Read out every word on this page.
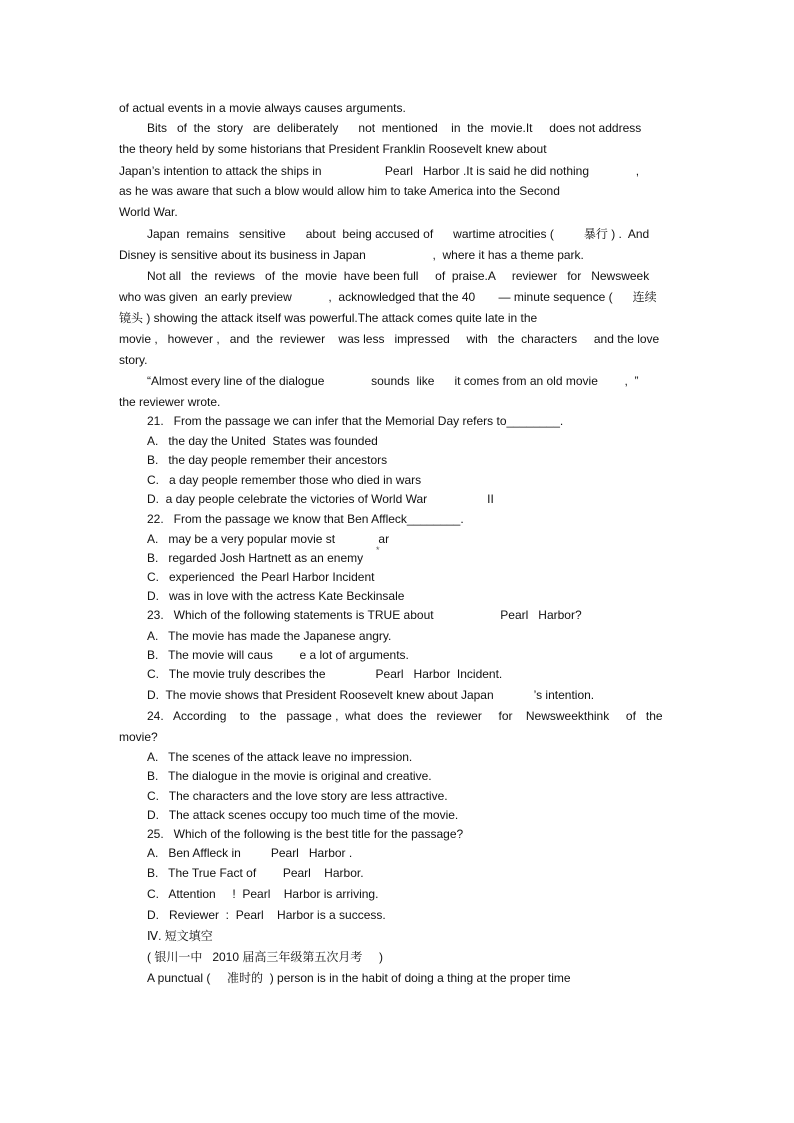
of actual events in a movie always causes arguments.
Bits   of  the  story   are  deliberately      not  mentioned    in  the  movie.It     does not address
the theory held by some historians that President Franklin Roosevelt knew about
Japan’s intention to attack the ships in                   Pearl   Harbor .It is said he did nothing              ,
as he was aware that such a blow would allow him to take America into the Second
World War.
Japan  remains   sensitive      about  being accused of      wartime atrocities (         暴行 ) .  And
Disney is sensitive about its business in Japan                    ,  where it has a theme park.
Not all   the  reviews   of  the  movie  have been full     of  praise.A     reviewer   for   Newsweek
who was given  an early preview           ,  acknowledged that the 40       — minute sequence (      连续
镜头 ) showing the attack itself was powerful.The attack comes quite late in the
movie ,   however ,   and  the  reviewer    was less   impressed     with   the  characters     and the love
story.
“Almost every line of the dialogue              sounds  like      it comes from an old movie        ,  ”
the reviewer wrote.
21.   From the passage we can infer that the Memorial Day refers to________.
A.   the day the United  States was founded
B.   the day people remember their ancestors
C.   a day people remember those who died in wars
D.  a day people celebrate the victories of World War                  II
22.   From the passage we know that Ben Affleck________.
A.   may be a very popular movie st             ar
B.   regarded Josh Hartnett as an enemy
*
C.   experienced  the Pearl Harbor Incident
D.   was in love with the actress Kate Beckinsale
23.   Which of the following statements is TRUE about                    Pearl   Harbor?
A.   The movie has made the Japanese angry.
B.   The movie will caus        e a lot of arguments.
C.   The movie truly describes the               Pearl   Harbor  Incident.
D.  The movie shows that President Roosevelt knew about Japan            ’s intention.
24.   According    to   the   passage ,  what  does  the   reviewer     for    Newsweekthink     of   the
movie?
A.   The scenes of the attack leave no impression.
B.   The dialogue in the movie is original and creative.
C.   The characters and the love story are less attractive.
D.   The attack scenes occupy too much time of the movie.
25.   Which of the following is the best title for the passage?
A.   Ben Affleck in         Pearl   Harbor .
B.   The True Fact of        Pearl    Harbor.
C.   Attention     !  Pearl    Harbor is arriving.
D.   Reviewer  :  Pearl    Harbor is a success.
Ⅳ. 短文填空
( 银川一中   2010 届高三年级第五次月考     )
A punctual (     准时的  ) person is in the habit of doing a thing at the proper time
